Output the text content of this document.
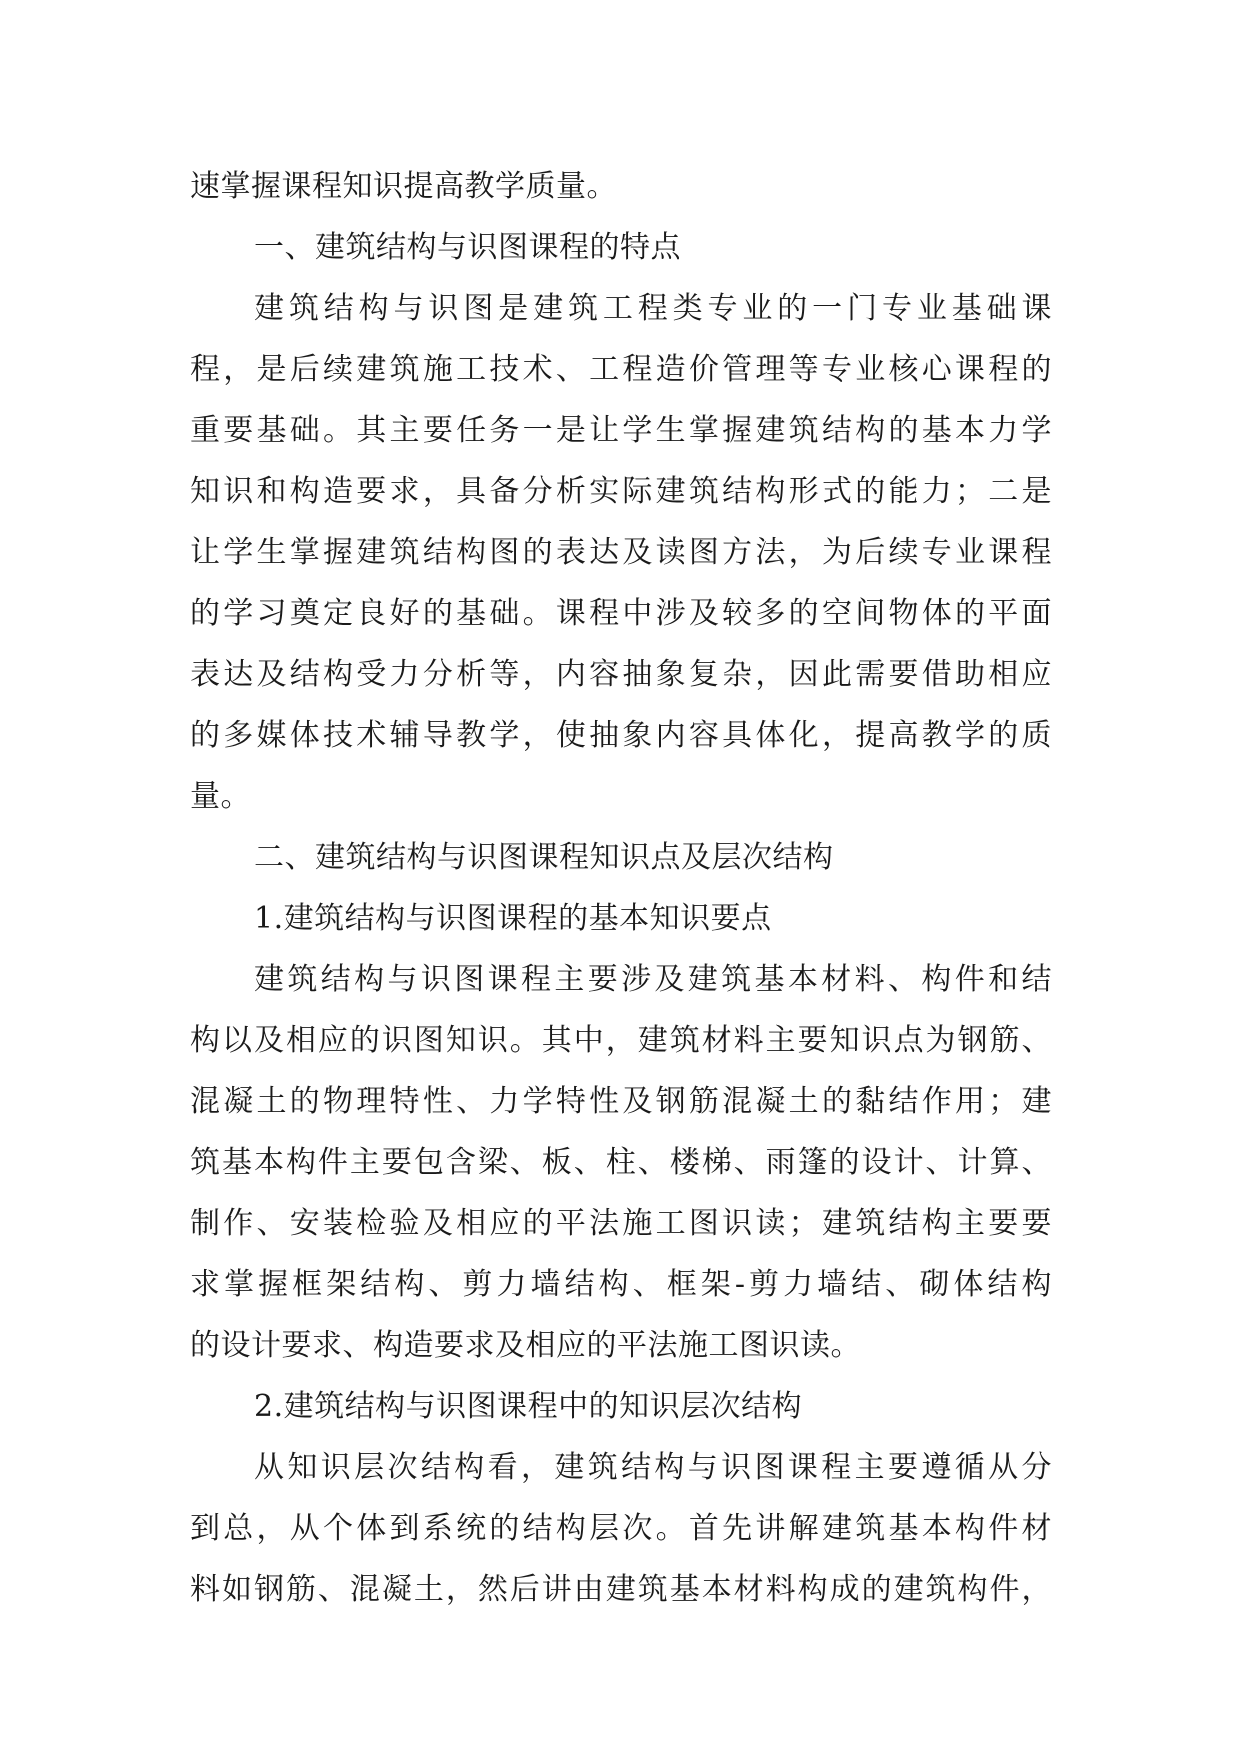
速掌握课程知识提高教学质量。
一、建筑结构与识图课程的特点
建筑结构与识图是建筑工程类专业的一门专业基础课
程，是后续建筑施工技术、工程造价管理等专业核心课程的
重要基础。其主要任务一是让学生掌握建筑结构的基本力学
知识和构造要求，具备分析实际建筑结构形式的能力；二是
让学生掌握建筑结构图的表达及读图方法，为后续专业课程
的学习奠定良好的基础。课程中涉及较多的空间物体的平面
表达及结构受力分析等，内容抽象复杂，因此需要借助相应
的多媒体技术辅导教学，使抽象内容具体化，提高教学的质
量。
二、建筑结构与识图课程知识点及层次结构
1.建筑结构与识图课程的基本知识要点
建筑结构与识图课程主要涉及建筑基本材料、构件和结
构以及相应的识图知识。其中，建筑材料主要知识点为钢筋、
混凝土的物理特性、力学特性及钢筋混凝土的黏结作用；建
筑基本构件主要包含梁、板、柱、楼梯、雨篷的设计、计算、
制作、安装检验及相应的平法施工图识读；建筑结构主要要
求掌握框架结构、剪力墙结构、框架-剪力墙结、砌体结构
的设计要求、构造要求及相应的平法施工图识读。
2.建筑结构与识图课程中的知识层次结构
从知识层次结构看，建筑结构与识图课程主要遵循从分
到总，从个体到系统的结构层次。首先讲解建筑基本构件材
料如钢筋、混凝土，然后讲由建筑基本材料构成的建筑构件，
